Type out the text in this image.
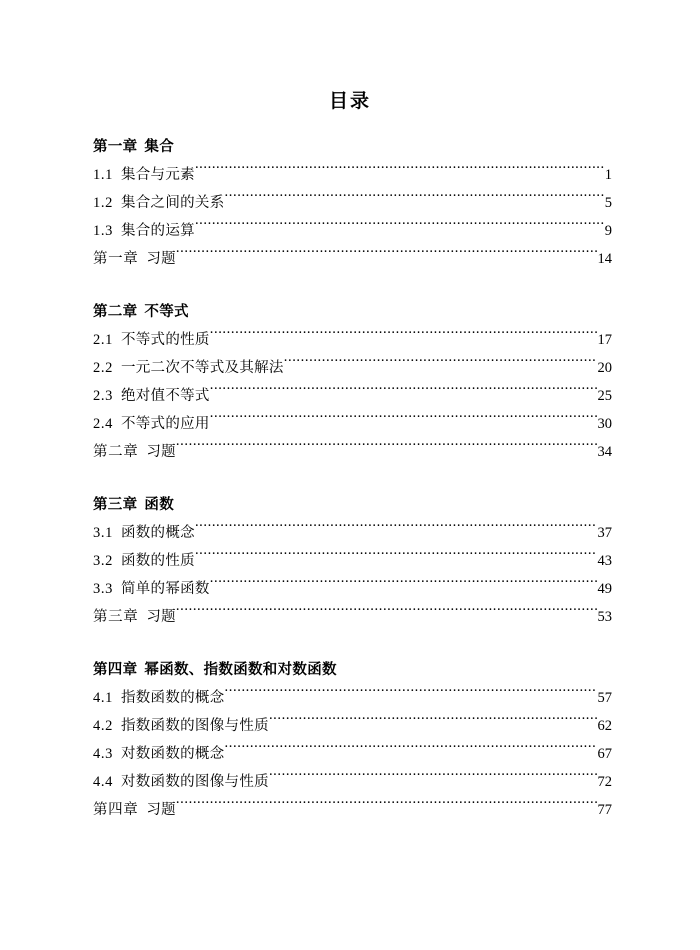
目录
第一章 集合
1.1 集合与元素 .....	1
1.2 集合之间的关系 .....	5
1.3 集合的运算 .....	9
第一章 习题 .....	14
第二章 不等式
2.1 不等式的性质 .....	17
2.2 一元二次不等式及其解法 .....	20
2.3 绝对值不等式 .....	25
2.4 不等式的应用 .....	30
第二章 习题 .....	34
第三章 函数
3.1 函数的概念 .....	37
3.2 函数的性质 .....	43
3.3 简单的幂函数 .....	49
第三章 习题 .....	53
第四章 幂函数、指数函数和对数函数
4.1 指数函数的概念 .....	57
4.2 指数函数的图像与性质 .....	62
4.3 对数函数的概念 .....	67
4.4 对数函数的图像与性质 .....	72
第四章 习题 .....	77
